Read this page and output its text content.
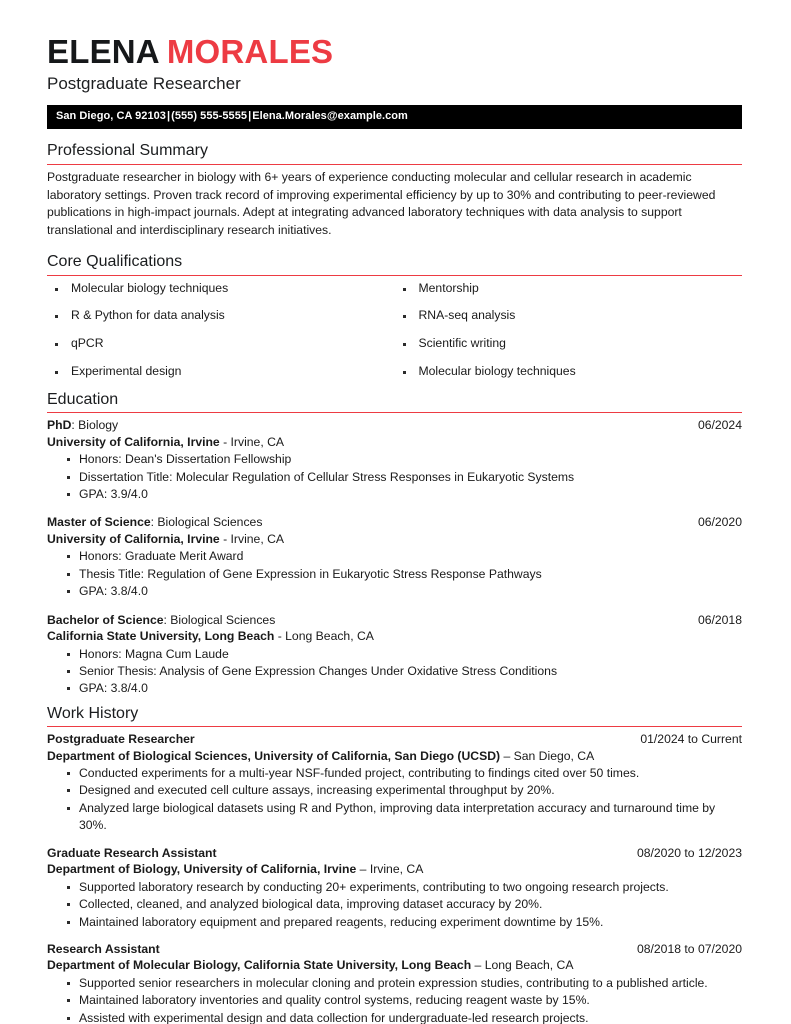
ELENA MORALES
Postgraduate Researcher
San Diego, CA 92103|(555) 555-5555|Elena.Morales@example.com
Professional Summary

Postgraduate researcher in biology with 6+ years of experience conducting molecular and cellular research in academic laboratory settings. Proven track record of improving experimental efficiency by up to 30% and contributing to peer-reviewed publications in high-impact journals. Adept at integrating advanced laboratory techniques with data analysis to support translational and interdisciplinary research initiatives.

Core Qualifications
Molecular biology techniques
R & Python for data analysis
qPCR
Experimental design
Mentorship
RNA-seq analysis
Scientific writing
Molecular biology techniques
Education
PhD: Biology	06/2024
University of California, Irvine - Irvine, CA
Honors: Dean's Dissertation Fellowship
Dissertation Title: Molecular Regulation of Cellular Stress Responses in Eukaryotic Systems
GPA: 3.9/4.0
Master of Science: Biological Sciences	06/2020
University of California, Irvine - Irvine, CA
Honors: Graduate Merit Award
Thesis Title: Regulation of Gene Expression in Eukaryotic Stress Response Pathways
GPA: 3.8/4.0
Bachelor of Science: Biological Sciences	06/2018
California State University, Long Beach - Long Beach, CA
Honors: Magna Cum Laude
Senior Thesis: Analysis of Gene Expression Changes Under Oxidative Stress Conditions
GPA: 3.8/4.0
Work History
Postgraduate Researcher	01/2024 to Current
Department of Biological Sciences, University of California, San Diego (UCSD) – San Diego, CA
Conducted experiments for a multi-year NSF-funded project, contributing to findings cited over 50 times.
Designed and executed cell culture assays, increasing experimental throughput by 20%.
Analyzed large biological datasets using R and Python, improving data interpretation accuracy and turnaround time by 30%.
Graduate Research Assistant	08/2020 to 12/2023
Department of Biology, University of California, Irvine – Irvine, CA
Supported laboratory research by conducting 20+ experiments, contributing to two ongoing research projects.
Collected, cleaned, and analyzed biological data, improving dataset accuracy by 20%.
Maintained laboratory equipment and prepared reagents, reducing experiment downtime by 15%.
Research Assistant	08/2018 to 07/2020
Department of Molecular Biology, California State University, Long Beach – Long Beach, CA
Supported senior researchers in molecular cloning and protein expression studies, contributing to a published article.
Maintained laboratory inventories and quality control systems, reducing reagent waste by 15%.
Assisted with experimental design and data collection for undergraduate-led research projects.
